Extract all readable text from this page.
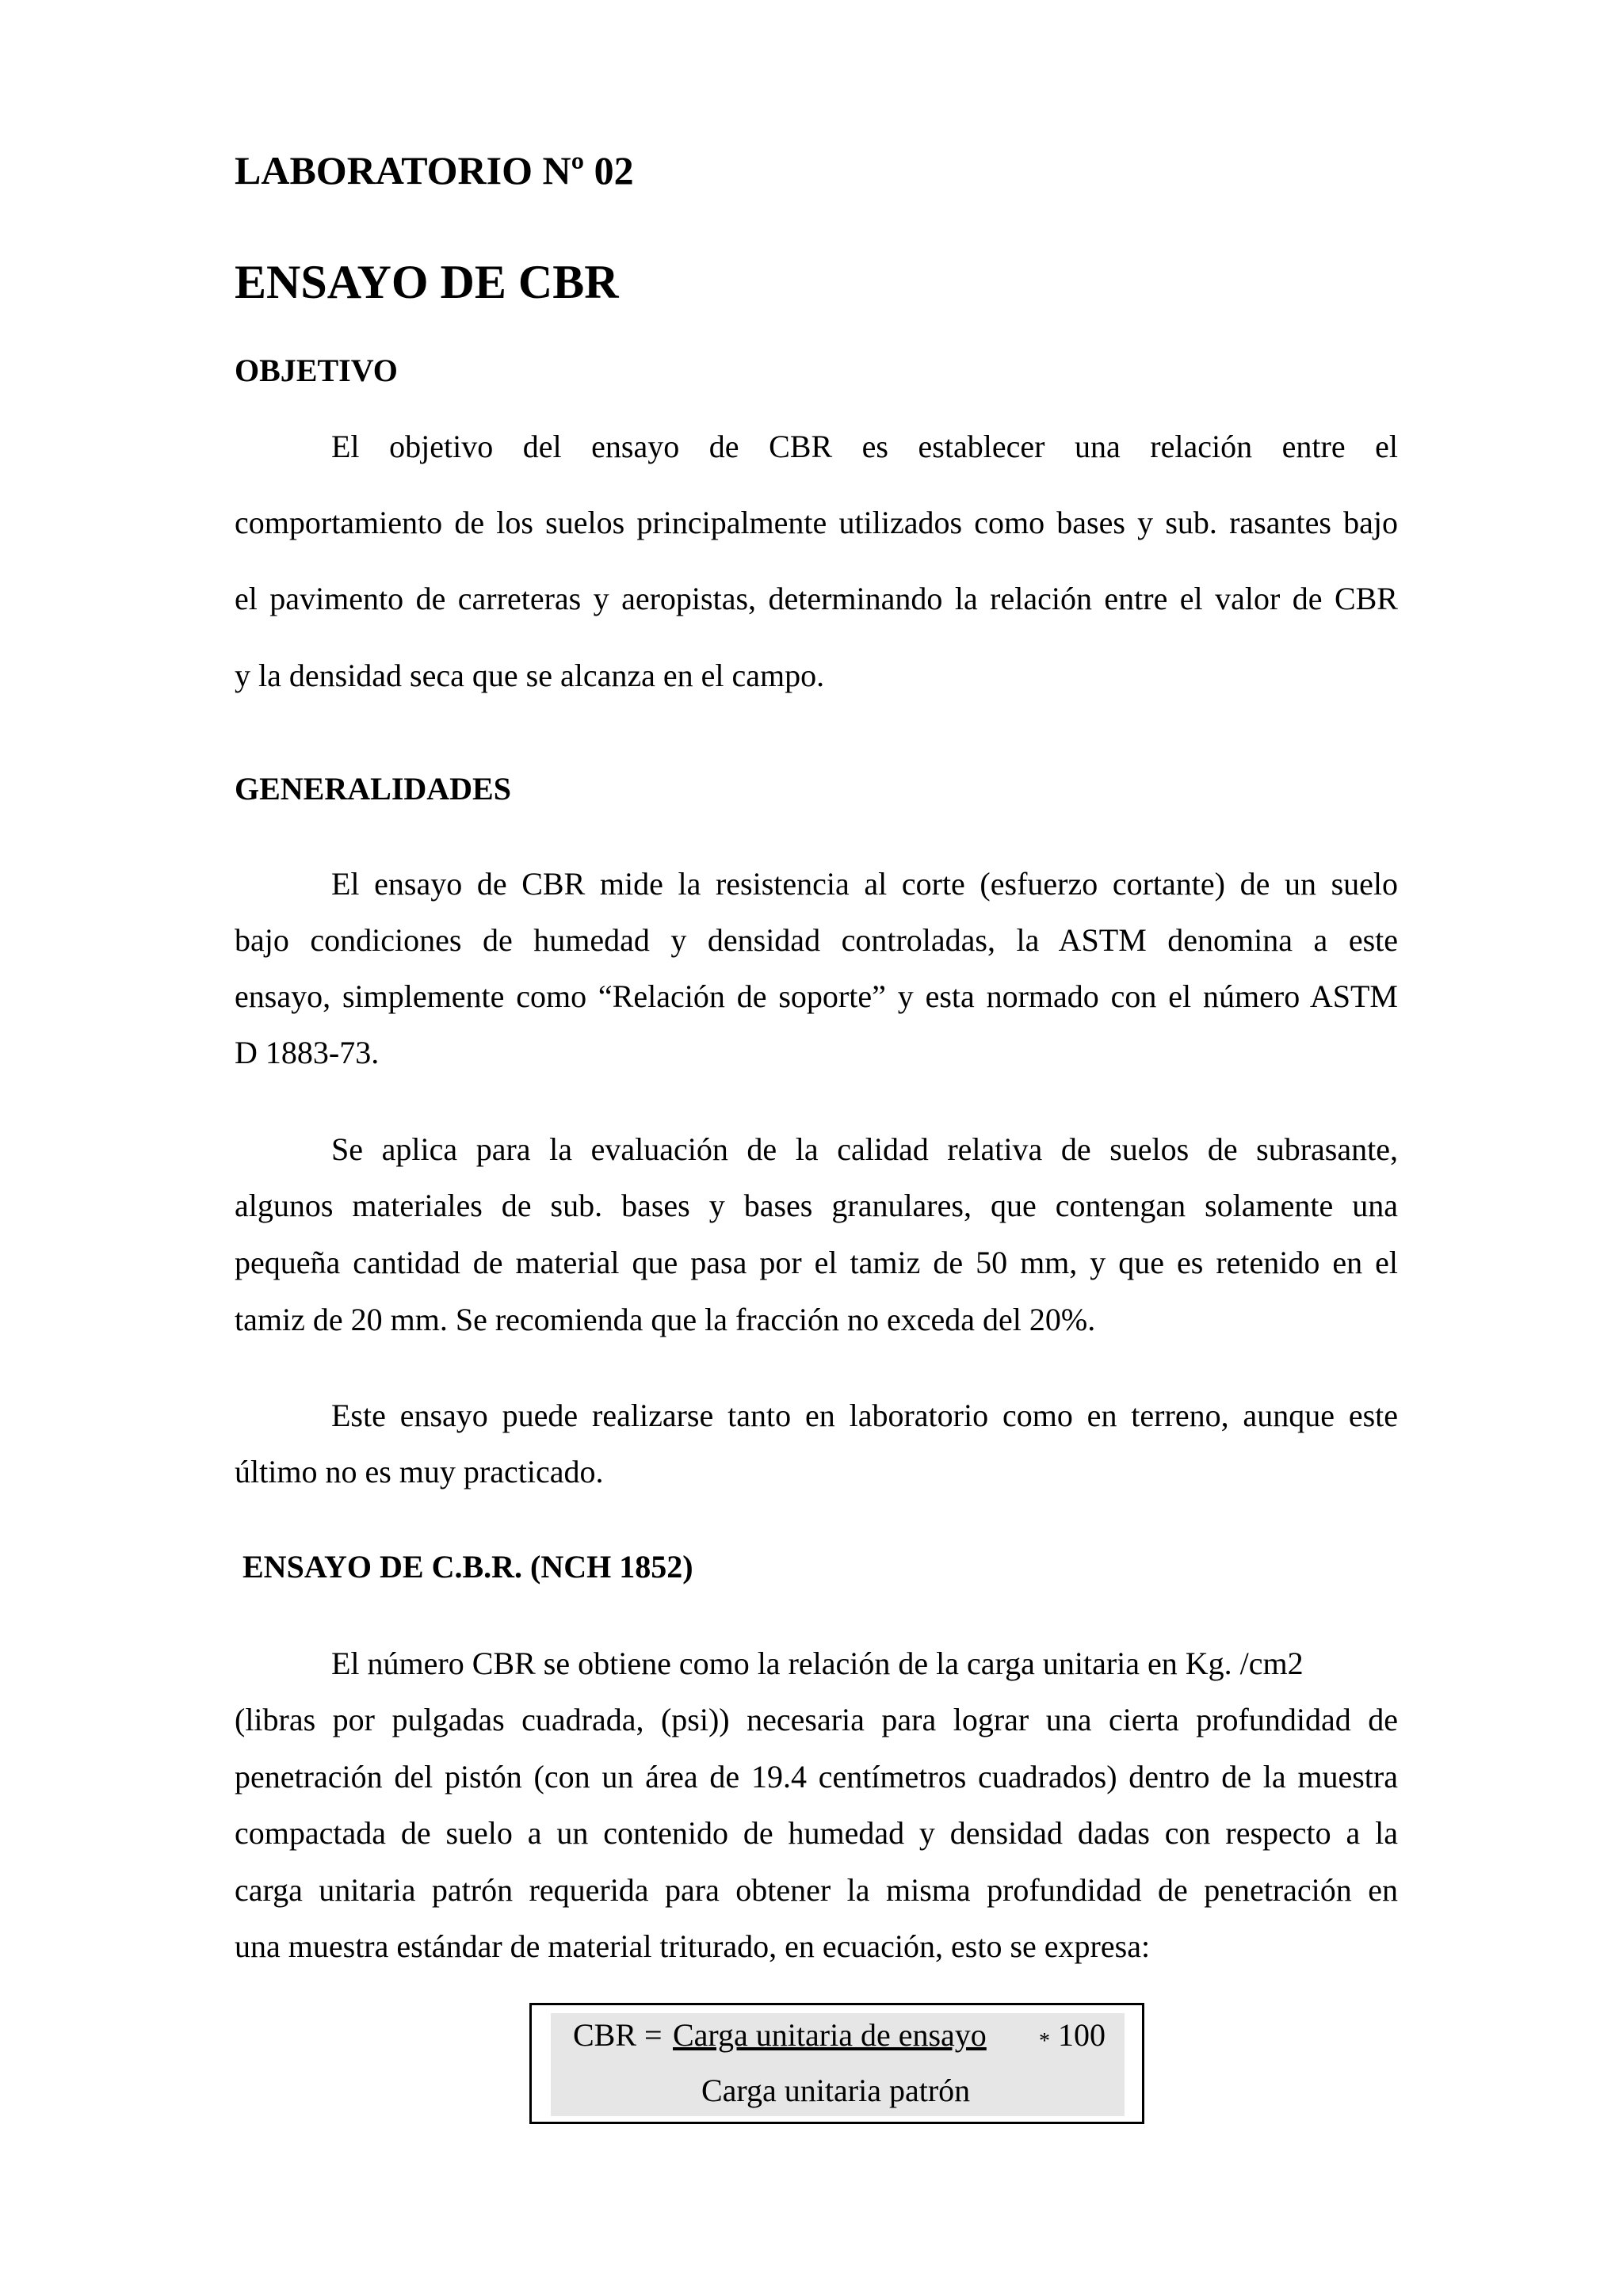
LABORATORIO Nº 02

ENSAYO DE CBR

OBJETIVO

El objetivo del ensayo de CBR es establecer una relación entre el

comportamiento de los suelos principalmente utilizados como bases y sub. rasantes bajo

el pavimento de carreteras y aeropistas, determinando la relación entre el valor de CBR

y la densidad seca que se alcanza en el campo.

GENERALIDADES

El ensayo de CBR mide la resistencia al corte (esfuerzo cortante) de un suelo

bajo condiciones de humedad y densidad controladas, la ASTM denomina a este

ensayo, simplemente como “Relación de soporte” y esta normado con el número ASTM

D 1883-73.

Se aplica para la evaluación de la calidad relativa de suelos de subrasante,

algunos materiales de sub. bases y bases granulares, que contengan solamente una

pequeña cantidad de material que pasa por el tamiz de 50 mm, y que es retenido en el

tamiz de 20 mm. Se recomienda que la fracción no exceda del 20%.

Este ensayo puede realizarse tanto en laboratorio como en terreno, aunque este

último no es muy practicado.

ENSAYO DE C.B.R. (NCH 1852)

El número CBR se obtiene como la relación de la carga unitaria en Kg. /cm2

(libras por pulgadas cuadrada, (psi)) necesaria para lograr una cierta profundidad de

penetración del pistón (con un área de 19.4 centímetros cuadrados) dentro de la muestra

compactada de suelo a un contenido de humedad y densidad dadas con respecto a la

carga unitaria patrón requerida para obtener la misma profundidad de penetración en

una muestra estándar de material triturado, en ecuación, esto se expresa:

CBR = Carga unitaria de ensayo * 100

Carga unitaria patrón
